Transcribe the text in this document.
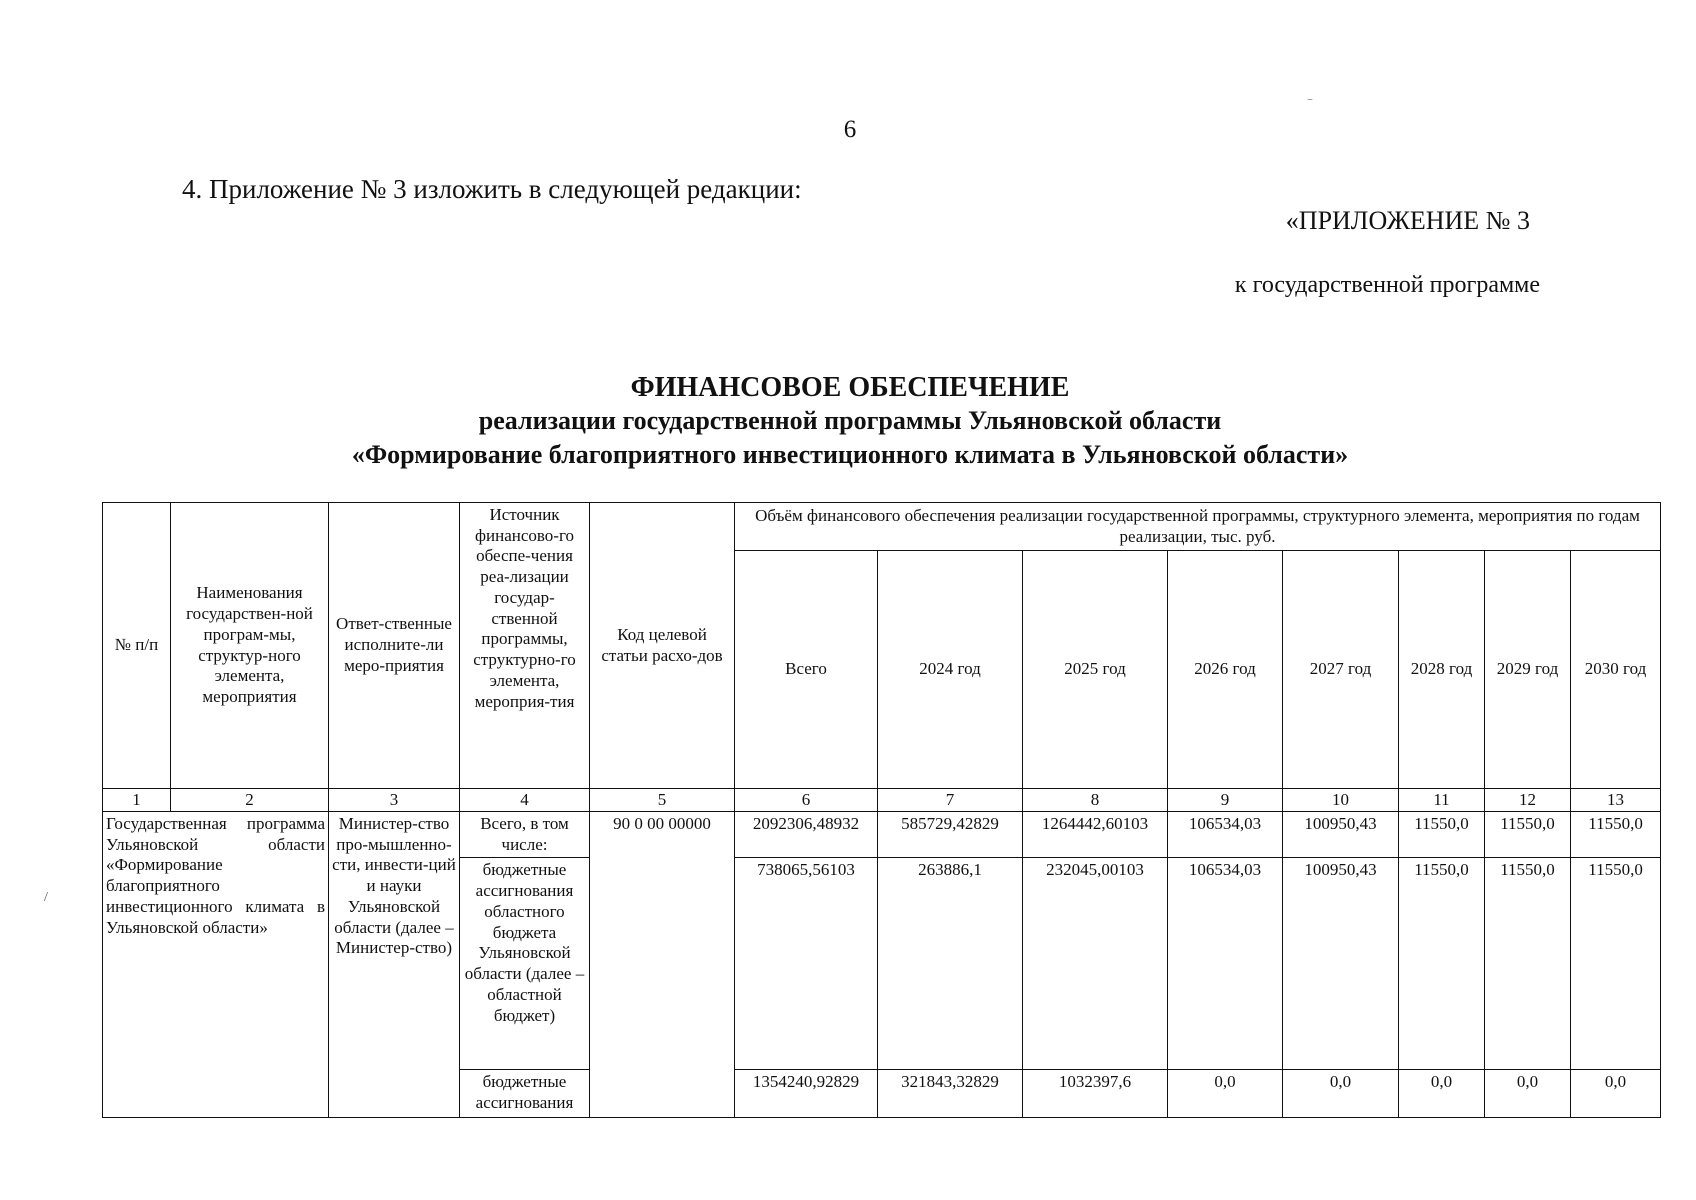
6
‾
4. Приложение № 3 изложить в следующей редакции:
«ПРИЛОЖЕНИЕ № 3
к государственной программе
ФИНАНСОВОЕ ОБЕСПЕЧЕНИЕ
реализации государственной программы Ульяновской области
«Формирование благоприятного инвестиционного климата в Ульяновской области»
/
№ п/п	Наименования государствен-ной програм-мы, структур-ного элемента, мероприятия	Ответ-ственные исполните-ли меро-приятия	Источник финансово-го обеспе-чения реа-лизации государ-ственной программы, структурно-го элемента, мероприя-тия	Код целевой статьи расхо-дов	Объём финансового обеспечения реализации государственной программы, структурного элемента, мероприятия по годам реализации, тыс. руб.							
					Всего	2024 год	2025 год	2026 год	2027 год	2028 год	2029 год	2030 год
1	2	3	4	5	6	7	8	9	10	11	12	13
Государственная программа Ульяновской области «Формирование благоприятного инвестиционного климата в Ульяновской области»		Министер-ство про-мышленно-сти, инвести-ций и науки Ульяновской области (далее – Министер-ство)	Всего, в том числе:	90 0 00 00000	2092306,48932	585729,42829	1264442,60103	106534,03	100950,43	11550,0	11550,0	11550,0
			бюджетные ассигнования областного бюджета Ульяновской области (далее – областной бюджет)		738065,56103	263886,1	232045,00103	106534,03	100950,43	11550,0	11550,0	11550,0
			бюджетные ассигнования		1354240,92829	321843,32829	1032397,6	0,0	0,0	0,0	0,0	0,0
